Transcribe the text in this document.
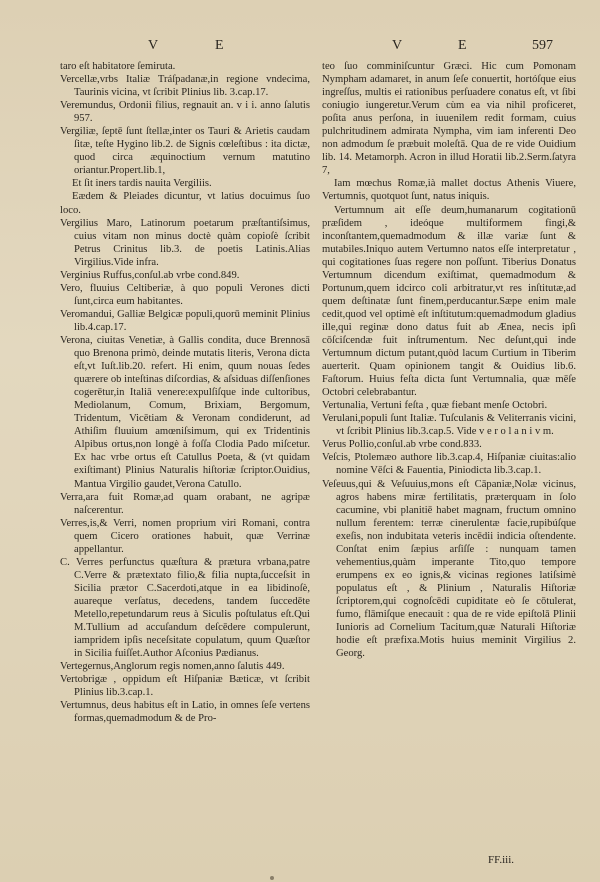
V	E	V	E	597

taro eſt habitatore ſemiruta.

Vercellæ,vrbs Italiæ Tráſpadanæ,in regione vndecima, Taurinis vicina, vt ſcribit Plinius lib. 3.cap.17.

Veremundus, Ordonii filius, regnauit an. v i i. anno ſalutis 957.

Vergiliæ, ſeptē ſunt ſtellæ,inter os Tauri & Arietis caudam ſitæ, teſte Hygino lib.2. de Signis cœleſtibus : ita dictæ, quod circa æquinoctium vernum matutino oriantur.Propert.lib.1,

Et ſit iners tardis nauita Vergiliis.

Eædem & Pleiades dicuntur, vt latius docuimus ſuo loco.

Vergilius Maro, Latinorum poetarum præſtantiſsimus, cuius vitam non minus doctè quàm copioſè ſcribit Petrus Crinitus lib.3. de poetis Latinis.Alias Virgilius.Vide infra.

Verginius Ruffus,conſul.ab vrbe cond.849.

Vero, fluuius Celtiberiæ, à quo populi Verones dicti ſunt,circa eum habitantes.

Veromandui, Galliæ Belgicæ populi,quorū meminit Plinius lib.4.cap.17.

Verona, ciuitas Venetiæ, à Gallis condita, duce Brennosā quo Brenona primò, deinde mutatis literis, Verona dicta eſt,vt Iuſt.lib.20. refert. Hi enim, quum nouas ſedes quærere ob inteſtinas diſcordias, & aſsiduas diſſenſiones cogerētur,in Italiā venere:expulſiſque inde cultoribus, Mediolanum, Comum, Brixiam, Bergomum, Tridentum, Vicētiam & Veronam condiderunt, ad Athiſim fluuium amœniſsimum, qui ex Tridentinis Alpibus ortus,non longè à foſſa Clodia Pado miſcetur. Ex hac vrbe ortus eſt Catullus Poeta, & (vt quidam exiſtimant) Plinius Naturalis hiſtoriæ ſcriptor.Ouidius, Mantua Virgilio gaudet,Verona Catullo.

Verra,ara fuit Romæ,ad quam orabant, ne agripæ naſcerentur.

Verres,is,& Verri, nomen proprium viri Romani, contra quem Cicero orationes habuit, quæ Verrinæ appellantur.

C. Verres perfunctus quæſtura & prætura vrbana,patre C.Verre & prætextato filio,& filia nupta,ſucceſsit in Sicilia prætor C.Sacerdoti,atque in ea libidinoſè, auareque verſatus, decedens, tandem ſuccedēte Metello,repetundarum reus à Siculis poſtulatus eſt.Qui M.Tullium ad accuſandum deſcēdere compulerunt, iampridem ipſis neceſsitate copulatum, quum Quæſtor in Sicilia fuiſſet.Author Aſconius Pædianus.

Vertegernus,Anglorum regis nomen,anno ſalutis 449.

Vertobrigæ , oppidum eſt Hiſpaniæ Bæticæ, vt ſcribit Plinius lib.3.cap.1.

Vertumnus, deus habitus eſt in Latio, in omnes ſeſe vertens formas,quemadmodum & de Pro-

teo ſuo comminiſcuntur Græci. Hic cum Pomonam Nympham adamaret, in anum ſeſe conuertit, hortóſque eius ingreſſus, multis ei rationibus perſuadere conatus eſt, vt ſibi coniugio iungeretur.Verum cùm ea via nihil proficeret, poſita anus perſona, in iuuenilem redit formam, cuius pulchritudinem admirata Nympha, vim iam inferenti Deo non admodum ſe præbuit moleſtā. Qua de re vide Ouidium lib. 14. Metamorph. Acron in illud Horatii lib.2.Serm.ſatyra 7,

Iam mœchus Romæ,ià mallet doctus Athenis Viuere, Vertumnis, quotquot ſunt, natus iniquis.

Vertumnum ait eſſe deum,humanarum cogitationū præſidem , ideóque multiformem fingi,& inconſtantem,quemadmodum & illæ variæ ſunt & mutabiles.Iniquo autem Vertumno natos eſſe interpretatur , qui cogitationes ſuas regere non poſſunt. Tiberius Donatus Vertumnum dicendum exiſtimat, quemadmodum & Portunum,quem idcirco coli arbitratur,vt res inſtitutæ,ad quem deſtinatæ ſunt finem,perducantur.Sæpe enim male cedit,quod vel optimè eſt inſtitutum:quemadmodum gladius ille,qui reginæ dono datus fuit ab Ænea, necis ipſi cōſciſcendæ fuit inſtrumentum. Nec deſunt,qui inde Vertumnum dictum putant,quòd lacum Curtium in Tiberim auerterit. Quam opinionem tangit & Ouidius lib.6. Faſtorum. Huius feſta dicta ſunt Vertumnalia, quæ mēſe Octobri celebrabantur.

Vertunalia, Vertuni feſta , quæ fiebant menſe Octobri.

Verulani,populi ſunt Italiæ. Tuſculanis & Veliterranis vicini, vt ſcribit Plinius lib.3.cap.5. Vide v e r o l a n i v m.

Verus Pollio,conſul.ab vrbe cond.833.

Veſcis, Ptolemæo authore lib.3.cap.4, Hiſpaniæ ciuitas:alio nomine Vēſci & Fauentia, Piniodicta lib.3.cap.1.

Veſeuus,qui & Veſuuius,mons eſt Cāpaniæ,Nolæ vicinus, agros habens miræ fertilitatis, præterquam in ſolo cacumine, vbi planitiē habet magnam, fructum omnino nullum ferentem: terræ cinerulentæ facie,rupibúſque exeſis, non indubitata veteris incēdii indicia oſtendente. Conſtat enim ſæpius arſiſſe : nunquam tamen vehementius,quàm imperante Tito,quo tempore erumpens ex eo ignis,& vicinas regiones latiſsimè populatus eſt , & Plinium , Naturalis Hiſtoriæ ſcriptorem,qui cognoſcēdi cupiditate eò ſe cōtulerat, fumo, flāmiſque enecauit : qua de re vide epiſtolā Plinii Iunioris ad Cornelium Tacitum,quæ Naturali Hiſtoriæ hodie eſt præfixa.Motis huius meminit Virgilius 2. Georg.

FF.iii.
